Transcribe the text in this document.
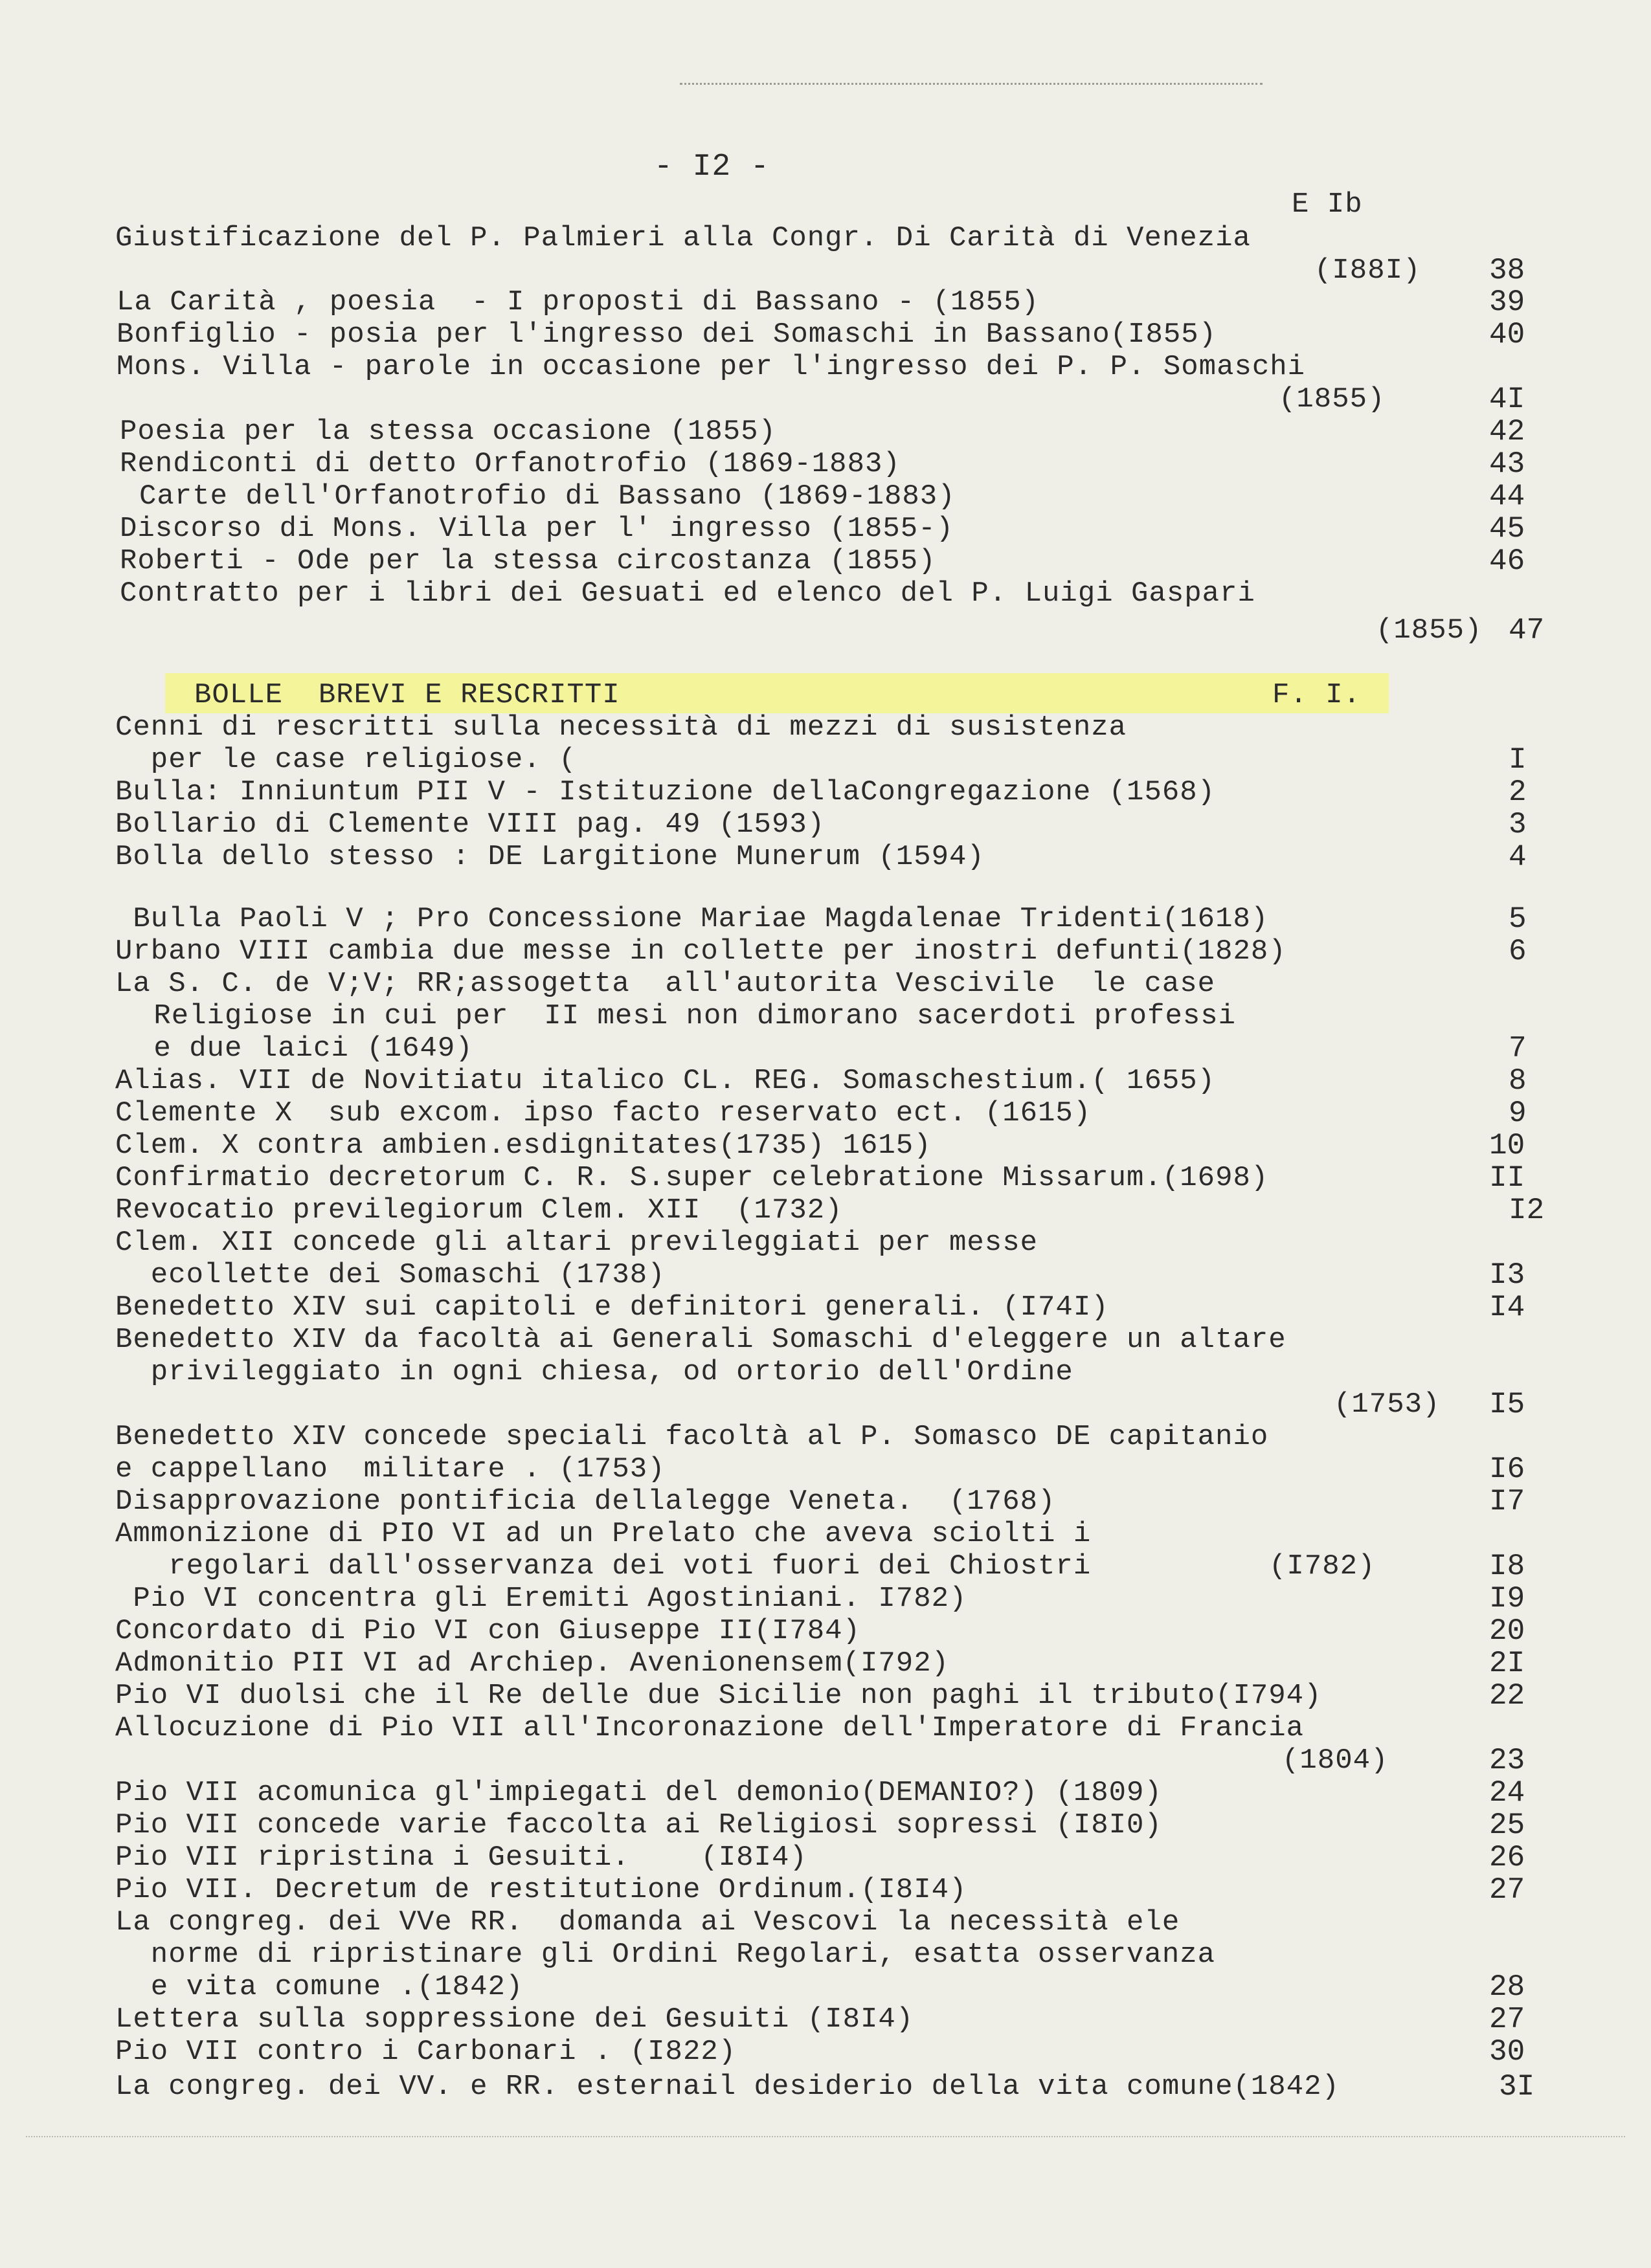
- I2 -
E Ib
Giustificazione del P. Palmieri alla Congr. Di Carità di Venezia
(I88I) 38
La Carità , poesia  - I proposti di Bassano - (1855)	39
Bonfiglio - posia per l'ingresso dei Somaschi in Bassano(I855)	40
Mons. Villa - parole in occasione per l'ingresso dei P. P. Somaschi
(1855)	4I
Poesia per la stessa occasione (1855)	42
Rendiconti di detto Orfanotrofio (1869-1883)	43
Carte dell'Orfanotrofio di Bassano (1869-1883)	44
Discorso di Mons. Villa per l' ingresso (1855-)	45
Roberti - Ode per la stessa circostanza (1855)	46
Contratto per i libri dei Gesuati ed elenco del P. Luigi Gaspari
(1855) 47
BOLLE  BREVI E RESCRITTI	F. I.
Cenni di rescritti sulla necessità di mezzi di susistenza
per le case religiose. (	I
Bulla: Inniuntum PII V - Istituzione dellaCongregazione (1568)	2
Bollario di Clemente VIII pag. 49 (1593)	3
Bolla dello stesso : DE Largitione Munerum (1594)	4
Bulla Paoli V ; Pro Concessione Mariae Magdalenae Tridenti(1618)	5
Urbano VIII cambia due messe in collette per inostri defunti(1828)	6
La S. C. de V;V; RR;assogetta  all'autorita Vescivile  le case
Religiose in cui per  II mesi non dimorano sacerdoti professi
e due laici (1649)	7
Alias. VII de Novitiatu italico CL. REG. Somaschestium.( 1655)	8
Clemente X  sub excom. ipso facto reservato ect. (1615)	9
Clem. X contra ambien.esdignitates(1735) 1615)	10
Confirmatio decretorum C. R. S.super celebratione Missarum.(1698)	II
Revocatio previlegiorum Clem. XII  (1732)	I2
Clem. XII concede gli altari previleggiati per messe
ecollette dei Somaschi (1738)	I3
Benedetto XIV sui capitoli e definitori generali. (I74I)	I4
Benedetto XIV da facoltà ai Generali Somaschi d'eleggere un altare
privileggiato in ogni chiesa, od ortorio dell'Ordine
(1753) I5
Benedetto XIV concede speciali facoltà al P. Somasco DE capitanio
e cappellano  militare . (1753)	I6
Disapprovazione pontificia dellalegge Veneta.  (1768)	I7
Ammonizione di PIO VI ad un Prelato che aveva sciolti i
regolari dall'osservanza dei voti fuori dei Chiostri	(I782)	I8
Pio VI concentra gli Eremiti Agostiniani. I782)	I9
Concordato di Pio VI con Giuseppe II(I784)	20
Admonitio PII VI ad Archiep. Avenionensem(I792)	2I
Pio VI duolsi che il Re delle due Sicilie non paghi il tributo(I794)	22
Allocuzione di Pio VII all'Incoronazione dell'Imperatore di Francia
(1804)	23
Pio VII acomunica gl'impiegati del demonio(DEMANIO?) (1809)	24
Pio VII concede varie faccolta ai Religiosi sopressi (I8I0)	25
Pio VII ripristina i Gesuiti.    (I8I4)	26
Pio VII. Decretum de restitutione Ordinum.(I8I4)	27
La congreg. dei VVe RR.  domanda ai Vescovi la necessità ele
norme di ripristinare gli Ordini Regolari, esatta osservanza
e vita comune .(1842)	28
Lettera sulla soppressione dei Gesuiti (I8I4)	27
Pio VII contro i Carbonari . (I822)	30
La congreg. dei VV. e RR. esternail desiderio della vita comune(1842)	3I
